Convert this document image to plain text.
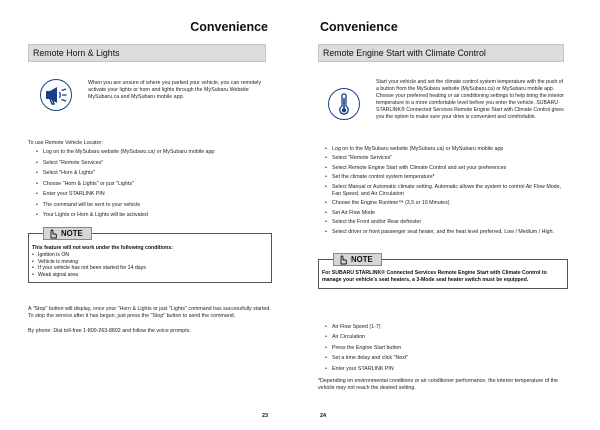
Convenience
Remote Horn & Lights
When you are unsure of where you parked your vehicle, you can remotely activate your lights or horn and lights through the MySubaru Website MySubaru.ca and MySubaru mobile app.
To use Remote Vehicle Locator:
• Log on to the MySubaru website (MySubaru.ca) or MySubaru mobile app
• Select "Remote Services"
• Select "Horn & Lights"
• Choose "Horn & Lights" or just "Lights"
• Enter your STARLINK PIN
• The command will be sent to your vehicle
• Your Lights or Horn & Lights will be activated
NOTE
This feature will not work under the following conditions:
• Ignition is ON
• Vehicle is moving
• If your vehicle has not been started for 14 days
• Weak signal area
A "Stop" button will display, once your "Horn & Lights or just "Lights" command has successfully started. To stop the service after it has begun, just press the "Stop" button to send the command.
By phone: Dial toll-free 1-800-263-8802 and follow the voice prompts.
23
Convenience
Remote Engine Start with Climate Control
Start your vehicle and set the climate control system temperature with the push of a button from the MySubaru website (MySubaru.ca) or MySubaru mobile app. Choose your preferred heating or air conditioning settings to help bring the interior temperature to a more comfortable level before you enter the vehicle. SUBARU STARLINK® Connected Services Remote Engine Start with Climate Control gives you the option to make sure your drive is convenient and comfortable.
• Log on to the MySubaru website (MySubaru.ca) or MySubaru mobile app
• Select "Remote Services"
• Select Remote Engine Start with Climate Control and set your preferences
• Set the climate control system temperature*
• Select Manual or Automatic climate setting. Automatic allows the system to control Air Flow Mode, Fan Speed, and Air Circulation
• Choose the Engine Runtime™ (3,5 or 10 Minutes)
• Set Air Flow Mode
• Select the Front and/or Rear defroster
• Select driver or front passenger seat heater, and the heat level preferred, Low / Medium / High.
NOTE
For SUBARU STARLINK® Connected Services Remote Engine Start with Climate Control to manage your vehicle's seat heaters, a 3-Mode seat heater switch must be equipped.
• Air Flow Speed (1-7)
• Air Circulation
• Press the Engine Start button
• Set a time delay and click "Next"
• Enter your STARLINK PIN
*Depending on environmental conditions or air conditioner performance, the interior temperature of the vehicle may not reach the desired setting.
24
